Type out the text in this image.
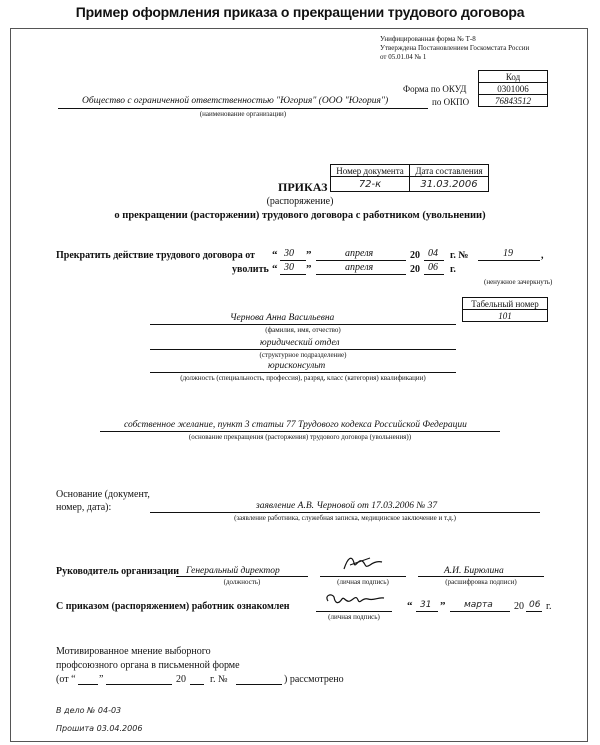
Пример оформления приказа о прекращении трудового договора
Унифицированная форма № Т-8
Утверждена Постановлением Госкомстата России
от 05.01.04 № 1
Код
0301006
76843512
Форма по ОКУД
по ОКПО
Общество с ограниченной ответственностью "Югория" (ООО "Югория")
(наименование организации)
Номер документа	Дата составления
72-к	31.03.2006
ПРИКАЗ
(распоряжение)
о прекращении (расторжении) трудового договора с работником (увольнении)
Прекратить действие трудового договора от “ 30 ”	апреля	20 04 г. №	19	,
уволить “ 30 ”	апреля	20 06 г.
(ненужное зачеркнуть)
Табельный номер
101
Чернова Анна Васильевна
(фамилия, имя, отчество)
юридический отдел
(структурное подразделение)
юрисконсульт
(должность (специальность, профессия), разряд, класс (категория) квалификации)
собственное желание, пункт 3 статьи 77 Трудового кодекса Российской Федерации
(основание прекращения (расторжения) трудового договора (увольнения))
Основание (документ,
номер, дата):	заявление А.В. Черновой от 17.03.2006 № 37
(заявление работника, служебная записка, медицинское заключение и т.д.)
Руководитель организации Генеральный директор
(должность)	(личная подпись)
А.И. Бирюлина
(расшифровка подписи)
С приказом (распоряжением) работник ознакомлен
(личная подпись)
“ 31 ” марта 20 06 г.
Мотивированное мнение выборного
профсоюзного органа в письменной форме
(от “ ”	20 г. №	) рассмотрено
В дело № 04-03
Прошита 03.04.2006
